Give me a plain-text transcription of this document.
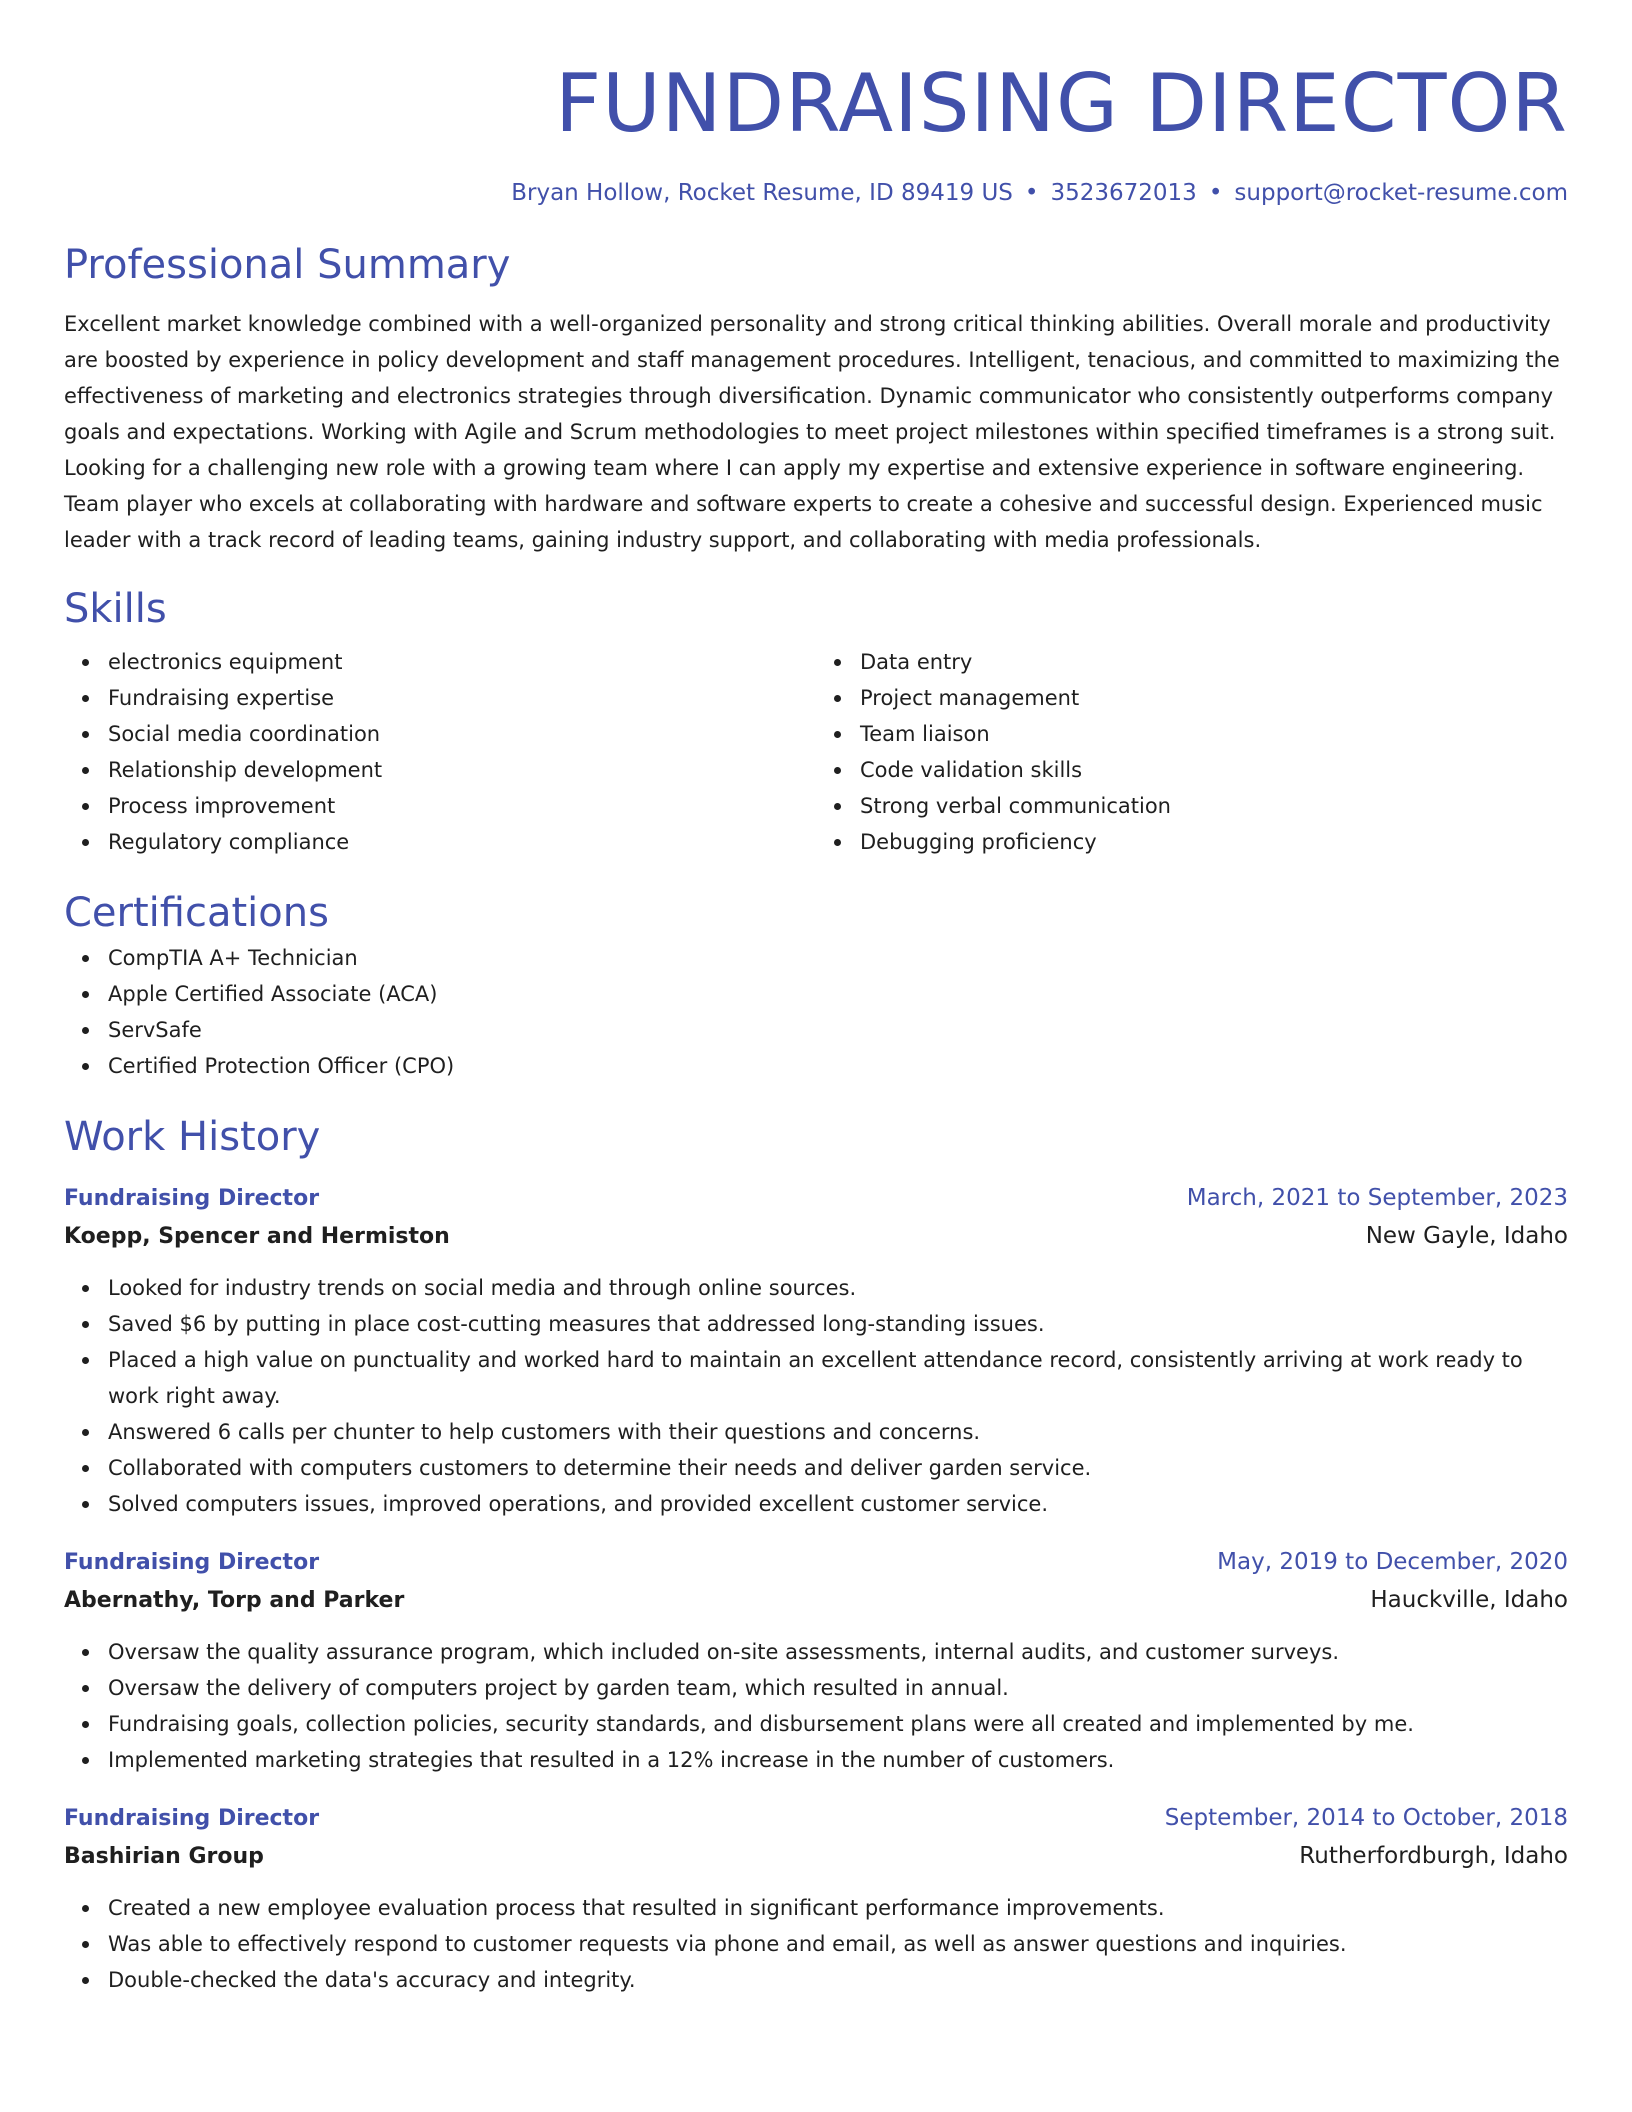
FUNDRAISING DIRECTOR
Bryan Hollow, Rocket Resume, ID 89419 US • 3523672013 • support@rocket-resume.com
Professional Summary

Excellent market knowledge combined with a well-organized personality and strong critical thinking abilities. Overall morale and productivity are boosted by experience in policy development and staff management procedures. Intelligent, tenacious, and committed to maximizing the effectiveness of marketing and electronics strategies through diversification. Dynamic communicator who consistently outperforms company goals and expectations. Working with Agile and Scrum methodologies to meet project milestones within specified timeframes is a strong suit. Looking for a challenging new role with a growing team where I can apply my expertise and extensive experience in software engineering. Team player who excels at collaborating with hardware and software experts to create a cohesive and successful design. Experienced music leader with a track record of leading teams, gaining industry support, and collaborating with media professionals.

Skills
electronics equipment
Fundraising expertise
Social media coordination
Relationship development
Process improvement
Regulatory compliance
Data entry
Project management
Team liaison
Code validation skills
Strong verbal communication
Debugging proficiency
Certifications
CompTIA A+ Technician
Apple Certified Associate (ACA)
ServSafe
Certified Protection Officer (CPO)
Work History
Fundraising Director	March, 2021 to September, 2023
Koepp, Spencer and Hermiston	New Gayle, Idaho
Looked for industry trends on social media and through online sources.
Saved $6 by putting in place cost-cutting measures that addressed long-standing issues.
Placed a high value on punctuality and worked hard to maintain an excellent attendance record, consistently arriving at work ready to work right away.
Answered 6 calls per chunter to help customers with their questions and concerns.
Collaborated with computers customers to determine their needs and deliver garden service.
Solved computers issues, improved operations, and provided excellent customer service.
Fundraising Director	May, 2019 to December, 2020
Abernathy, Torp and Parker	Hauckville, Idaho
Oversaw the quality assurance program, which included on-site assessments, internal audits, and customer surveys.
Oversaw the delivery of computers project by garden team, which resulted in annual.
Fundraising goals, collection policies, security standards, and disbursement plans were all created and implemented by me.
Implemented marketing strategies that resulted in a 12% increase in the number of customers.
Fundraising Director	September, 2014 to October, 2018
Bashirian Group	Rutherfordburgh, Idaho
Created a new employee evaluation process that resulted in significant performance improvements.
Was able to effectively respond to customer requests via phone and email, as well as answer questions and inquiries.
Double-checked the data's accuracy and integrity.
